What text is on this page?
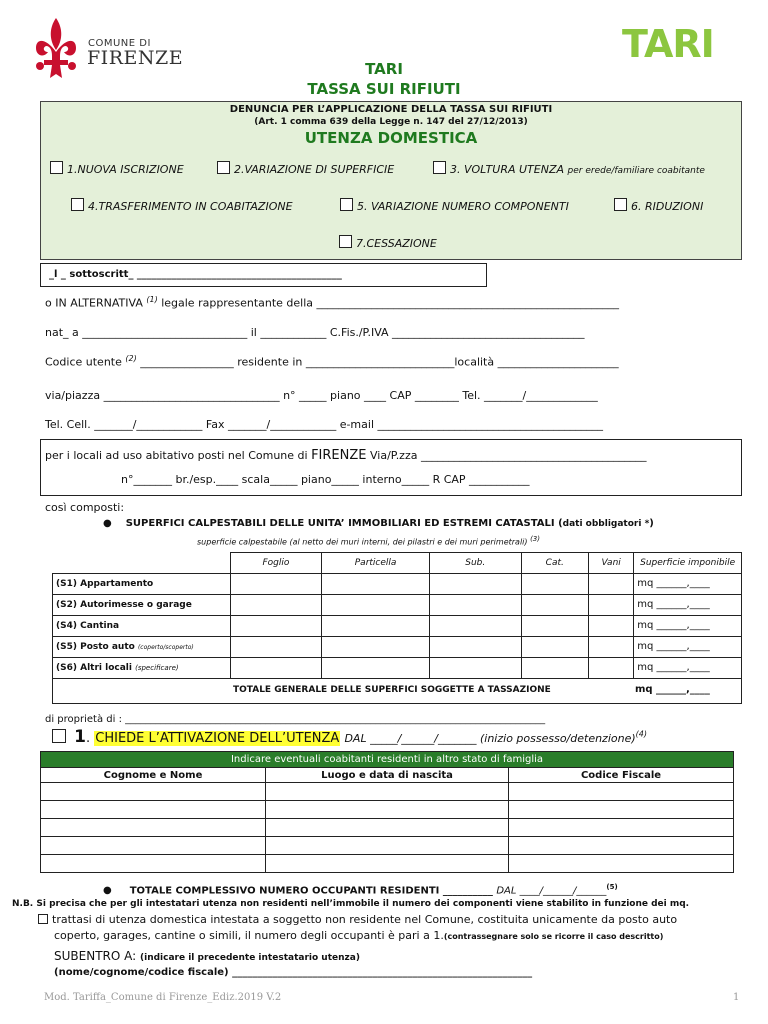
COMUNE DI
FIRENZE	TARI
TARI
TASSA SUI RIFIUTI
DENUNCIA PER L’APPLICAZIONE DELLA TASSA SUI RIFIUTI
(Art. 1 comma 639 della Legge n. 147 del 27/12/2013)
UTENZA DOMESTICA
1.NUOVA ISCRIZIONE	2.VARIAZIONE DI SUPERFICIE	3. VOLTURA UTENZA per erede/familiare coabitante
4.TRASFERIMENTO IN COABITAZIONE	5. VARIAZIONE NUMERO COMPONENTI	6. RIDUZIONI
7.CESSAZIONE
_l _ sottoscritt_ _________________________________________
o IN ALTERNATIVA $^{(1)}$ legale rappresentante della _______________________________________________________
nat_ a ______________________________ il ____________ C.Fis./P.IVA ___________________________________
Codice utente $^{(2)}$ _________________ residente in ___________________________località ______________________
via/piazza ________________________________ n° _____ piano ____ CAP ________ Tel. _______/_____________
Tel. Cell. _______/____________ Fax _______/____________ e-mail _________________________________________
per i locali ad uso abitativo posti nel Comune di FIRENZE Via/P.zza _________________________________________
n°_______ br./esp.____ scala_____ piano_____ interno_____ R CAP ___________
così composti:
● SUPERFICI CALPESTABILI DELLE UNITA’ IMMOBILIARI ED ESTREMI CATASTALI (dati obbligatori *)
superficie calpestabile (al netto dei muri interni, dei pilastri e dei muri perimetrali) $^{(3)}$
	Foglio	Particella	Sub.	Cat.	Vani	Superficie imponibile
(S1) Appartamento						mq ______,____
(S2) Autorimesse o garage						mq ______,____
(S4) Cantina						mq ______,____
(S5) Posto auto (coperto/scoperto)						mq ______,____
(S6) Altri locali (specificare)						mq ______,____

TOTALE GENERALE DELLE SUPERFICI SOGGETTE A TASSAZIONE mq ______,____						
di proprietà di : ____________________________________________________________________________________
1. CHIEDE L’ATTIVAZIONE DELL’UTENZA DAL _____/______/_______ (inizio possesso/detenzione)$^{(4)}$
Indicare eventuali coabitanti residenti in altro stato di famiglia
Cognome e Nome	Luogo e data di nascita	Codice Fiscale

● TOTALE COMPLESSIVO NUMERO OCCUPANTI RESIDENTI __________ DAL ____/______/______$^{(5)}$
N.B. Si precisa che per gli intestatari utenza non residenti nell’immobile il numero dei componenti viene stabilito in funzione dei mq.
trattasi di utenza domestica intestata a soggetto non residente nel Comune, costituita unicamente da posto auto
coperto, garages, cantine o simili, il numero degli occupanti è pari a 1.(contrassegnare solo se ricorre il caso descritto)
SUBENTRO A: (indicare il precedente intestatario utenza)
(nome/cognome/codice fiscale) ____________________________________________________________
Mod. Tariffa_Comune di Firenze_Ediz.2019 V.2	1
